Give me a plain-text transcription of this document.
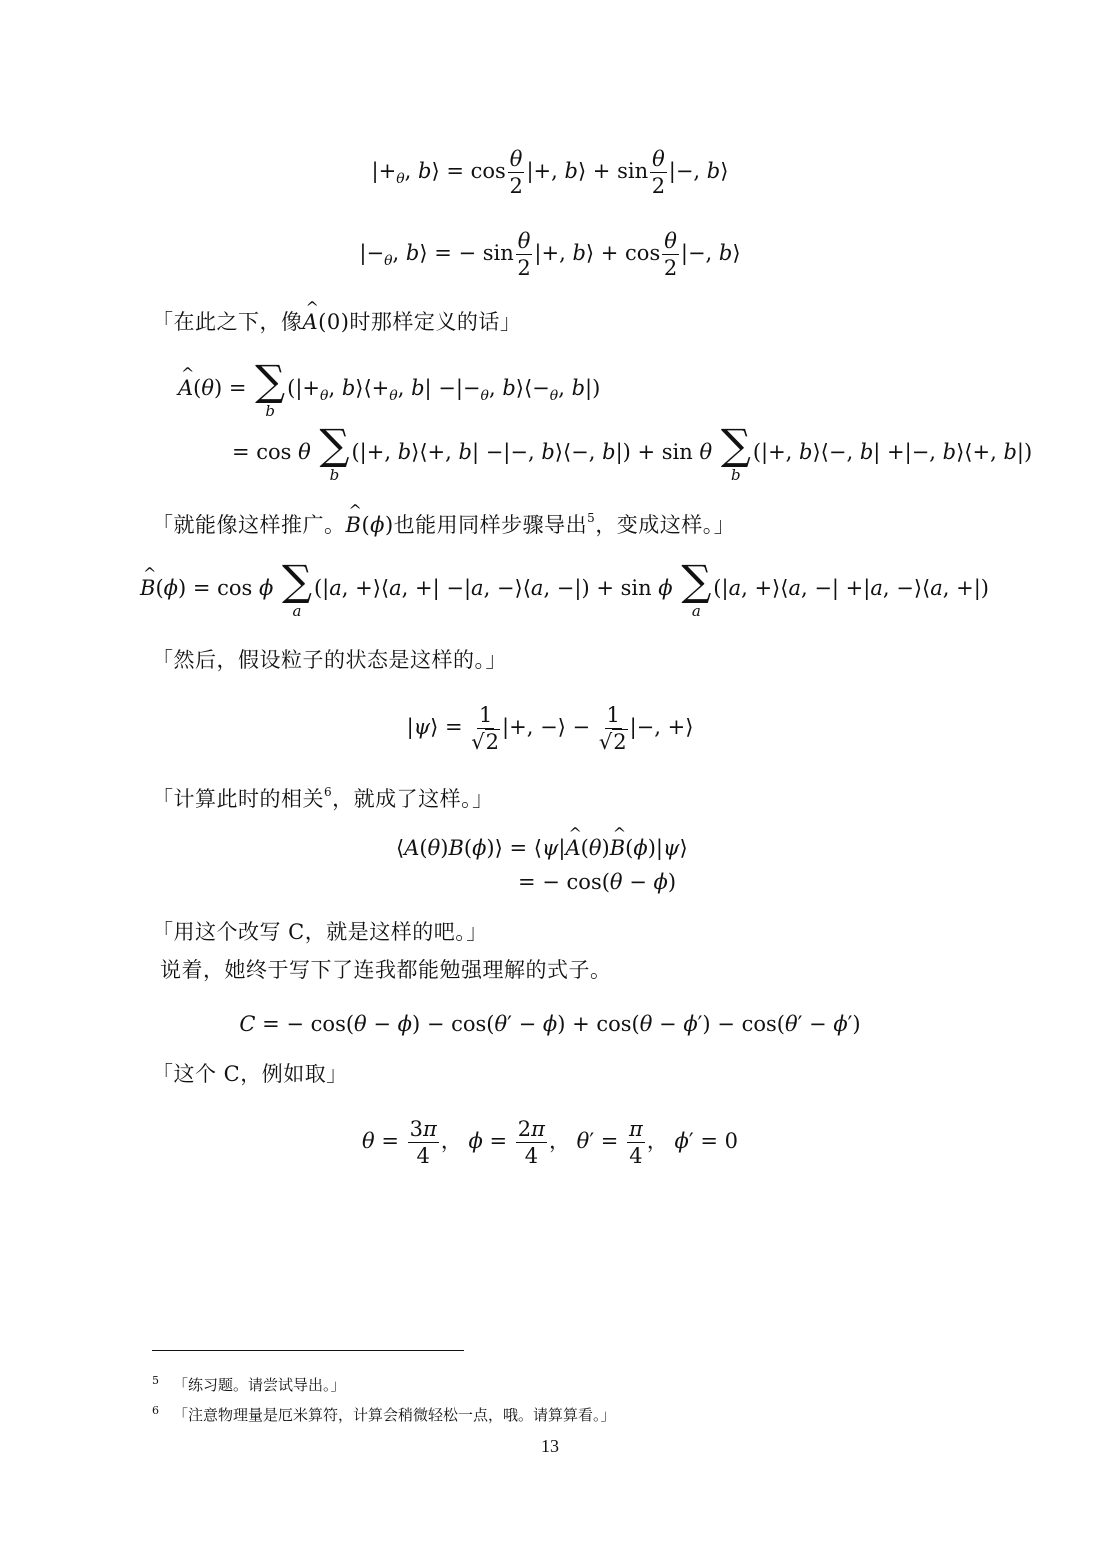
$|+_\theta$, b⟩ = $\cos \frac{\theta}{2}$ |+, b⟩ + $\sin \frac{\theta}{2}$ |−, b⟩
$|-_\theta$, b⟩ = − $\sin \frac{\theta}{2}$ |+, b⟩ + $\cos \frac{\theta}{2}$ |−, b⟩
「在此之下，像^ A(0)时那样定义的话」
^ A(θ) = ∑
b
($|+_\theta$, $b⟩⟨+_\theta$, $b| -|-_\theta$, $b⟩⟨-_\theta$, b|)
= cos θ ∑
b
(|+, b⟩⟨+, b| −|−, b⟩⟨−, b|) + sin θ ∑
b
(|+, b⟩⟨−, b| +|−, b⟩⟨+, b|)
「就能像这样推广。^ B(ϕ)也能用同样步骤导出$^5$，变成这样。」
^ B(ϕ) = cos ϕ ∑
a
(|a, +⟩⟨a, +| −|a, −⟩⟨a, −|) + sin ϕ ∑
a
(|a, +⟩⟨a, −| +|a, −⟩⟨a, +|)
「然后，假设粒子的状态是这样的。」
|ψ⟩ = $\frac{1}{√2}$ |+, −⟩ − $\frac{1}{√2}$ |−, +⟩
「计算此时的相关$^6$，就成了这样。」
⟨A(θ)B(ϕ)⟩ = ⟨ψ|^ A(θ)^ B(ϕ)|ψ⟩
= − cos(θ − ϕ)
「用这个改写 C，就是这样的吧。」
说着，她终于写下了连我都能勉强理解的式子。
C = − cos(θ − ϕ) − cos(θ′ − ϕ) + cos(θ − ϕ′) − cos(θ′ − ϕ′)
「这个 C，例如取」
$\theta = \frac{3\pi}{4}$ ， $\phi = \frac{2\pi}{4}$ ， $\theta' = \frac{\pi}{4}$ ， ϕ′ = 0
$^5$ 「练习题。请尝试导出。」
$^6$ 「注意物理量是厄米算符，计算会稍微轻松一点，哦。请算算看。」
13
